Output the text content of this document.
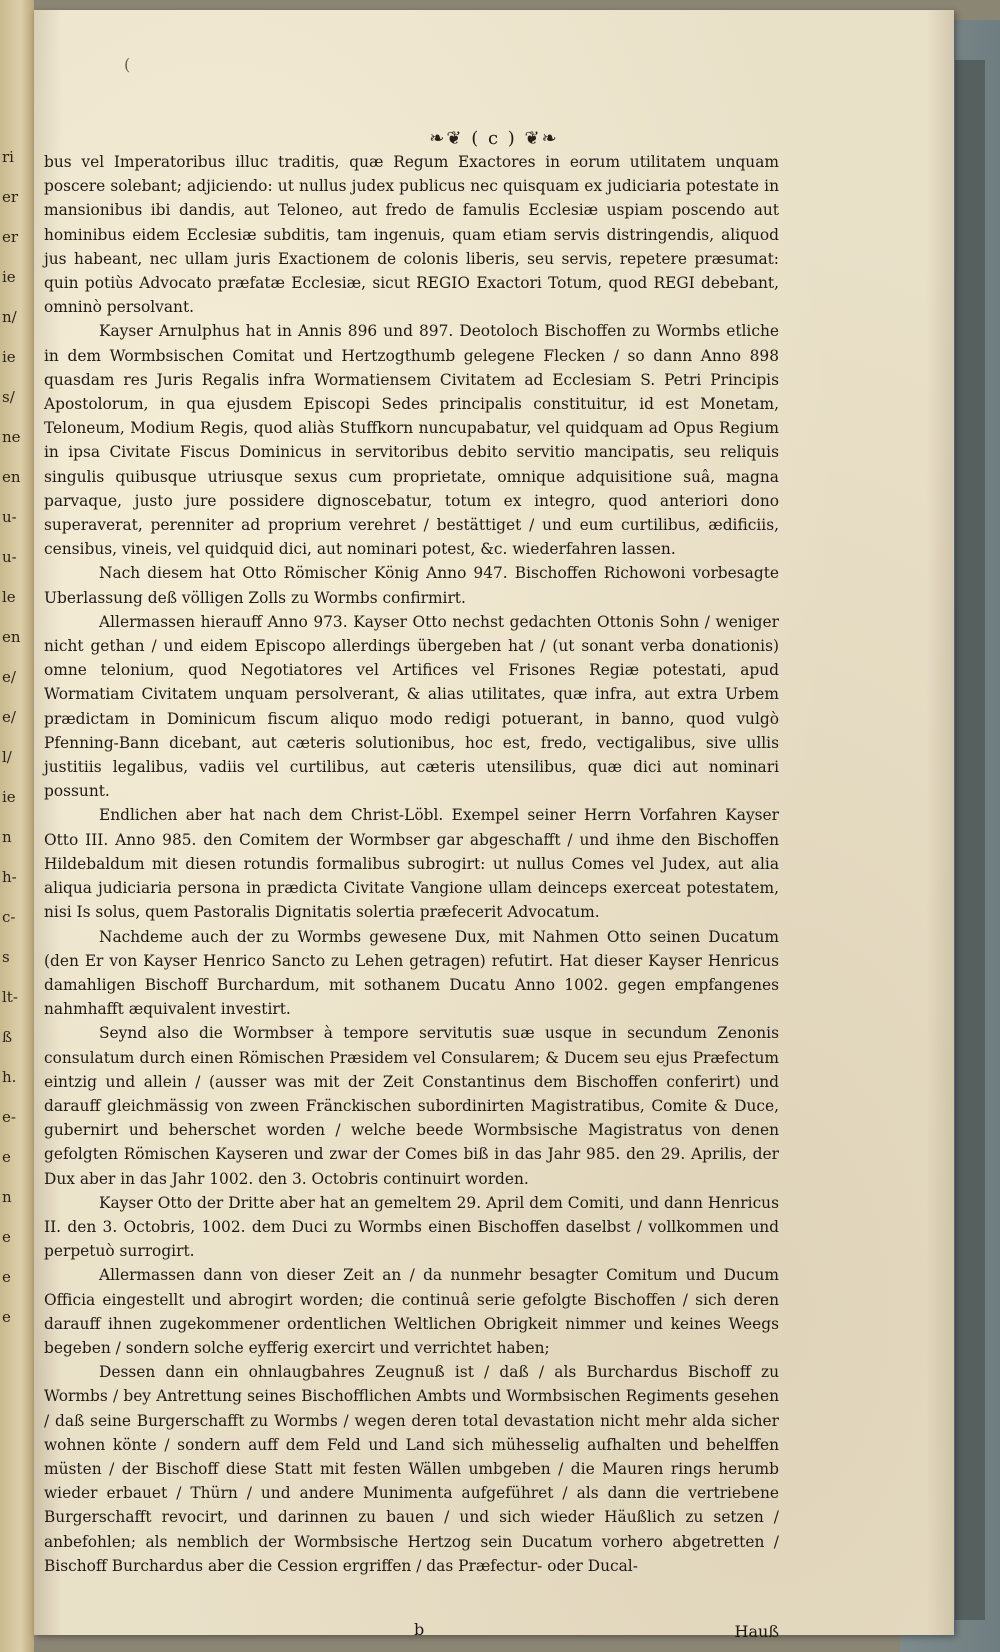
ri
er
er
ie
n/
ie
s/
ne
en
u-
u-
le
en
e/
e/
l/
ie
n
h-
c-
s
lt-
ß
h.
e-
e
n
e
e
e
(
❧❦ ( c ) ❦❧

bus vel Imperatoribus illuc traditis, quæ Regum Exactores in eorum utilitatem unquam poscere solebant; adjiciendo: ut nullus judex publicus nec quisquam ex judiciaria potestate in mansionibus ibi dandis, aut Teloneo, aut fredo de famulis Ecclesiæ uspiam poscendo aut hominibus eidem Ecclesiæ subditis, tam ingenuis, quam etiam servis distringendis, aliquod jus habeant, nec ullam juris Exactionem de colonis liberis, seu servis, repetere præsumat: quin potiùs Advocato præfatæ Ecclesiæ, sicut REGIO Exactori Totum, quod REGI debebant, omninò persolvant.

Kayser Arnulphus hat in Annis 896 und 897. Deotoloch Bischoffen zu Wormbs etliche in dem Wormbsischen Comitat und Hertzogthumb gelegene Flecken / so dann Anno 898 quasdam res Juris Regalis infra Wormatiensem Civitatem ad Ecclesiam S. Petri Principis Apostolorum, in qua ejusdem Episcopi Sedes principalis constituitur, id est Monetam, Teloneum, Modium Regis, quod aliàs Stuffkorn nuncupabatur, vel quidquam ad Opus Regium in ipsa Civitate Fiscus Dominicus in servitoribus debito servitio mancipatis, seu reliquis singulis quibusque utriusque sexus cum proprietate, omnique adquisitione suâ, magna parvaque, justo jure possidere dignoscebatur, totum ex integro, quod anteriori dono superaverat, perenniter ad proprium verehret / bestättiget / und eum curtilibus, ædificiis, censibus, vineis, vel quidquid dici, aut nominari potest, &c. wiederfahren lassen.

Nach diesem hat Otto Römischer König Anno 947. Bischoffen Richowoni vorbesagte Uberlassung deß völligen Zolls zu Wormbs confirmirt.

Allermassen hierauff Anno 973. Kayser Otto nechst gedachten Ottonis Sohn / weniger nicht gethan / und eidem Episcopo allerdings übergeben hat / (ut sonant verba donationis) omne telonium, quod Negotiatores vel Artifices vel Frisones Regiæ potestati, apud Wormatiam Civitatem unquam persolverant, & alias utilitates, quæ infra, aut extra Urbem prædictam in Dominicum fiscum aliquo modo redigi potuerant, in banno, quod vulgò Pfenning-Bann dicebant, aut cæteris solutionibus, hoc est, fredo, vectigalibus, sive ullis justitiis legalibus, vadiis vel curtilibus, aut cæteris utensilibus, quæ dici aut nominari possunt.

Endlichen aber hat nach dem Christ-Löbl. Exempel seiner Herrn Vorfahren Kayser Otto III. Anno 985. den Comitem der Wormbser gar abgeschafft / und ihme den Bischoffen Hildebaldum mit diesen rotundis formalibus subrogirt: ut nullus Comes vel Judex, aut alia aliqua judiciaria persona in prædicta Civitate Vangione ullam deinceps exerceat potestatem, nisi Is solus, quem Pastoralis Dignitatis solertia præfecerit Advocatum.

Nachdeme auch der zu Wormbs gewesene Dux, mit Nahmen Otto seinen Ducatum (den Er von Kayser Henrico Sancto zu Lehen getragen) refutirt. Hat dieser Kayser Henricus damahligen Bischoff Burchardum, mit sothanem Ducatu Anno 1002. gegen empfangenes nahmhafft æquivalent investirt.

Seynd also die Wormbser à tempore servitutis suæ usque in secundum Zenonis consulatum durch einen Römischen Præsidem vel Consularem; & Ducem seu ejus Præfectum eintzig und allein / (ausser was mit der Zeit Constantinus dem Bischoffen conferirt) und darauff gleichmässig von zween Fränckischen subordinirten Magistratibus, Comite & Duce, gubernirt und beherschet worden / welche beede Wormbsische Magistratus von denen gefolgten Römischen Kayseren und zwar der Comes biß in das Jahr 985. den 29. Aprilis, der Dux aber in das Jahr 1002. den 3. Octobris continuirt worden.

Kayser Otto der Dritte aber hat an gemeltem 29. April dem Comiti, und dann Henricus II. den 3. Octobris, 1002. dem Duci zu Wormbs einen Bischoffen daselbst / vollkommen und perpetuò surrogirt.

Allermassen dann von dieser Zeit an / da nunmehr besagter Comitum und Ducum Officia eingestellt und abrogirt worden; die continuâ serie gefolgte Bischoffen / sich deren darauff ihnen zugekommener ordentlichen Weltlichen Obrigkeit nimmer und keines Weegs begeben / sondern solche eyfferig exercirt und verrichtet haben;

Dessen dann ein ohnlaugbahres Zeugnuß ist / daß / als Burchardus Bischoff zu Wormbs / bey Antrettung seines Bischofflichen Ambts und Wormbsischen Regiments gesehen / daß seine Burgerschafft zu Wormbs / wegen deren total devastation nicht mehr alda sicher wohnen könte / sondern auff dem Feld und Land sich mühesselig aufhalten und behelffen müsten / der Bischoff diese Statt mit festen Wällen umbgeben / die Mauren rings herumb wieder erbauet / Thürn / und andere Munimenta aufgeführet / als dann die vertriebene Burgerschafft revocirt, und darinnen zu bauen / und sich wieder Häußlich zu setzen / anbefohlen; als nemblich der Wormbsische Hertzog sein Ducatum vorhero abgetretten / Bischoff Burchardus aber die Cession ergriffen / das Præfectur- oder Ducal-

b	Hauß
